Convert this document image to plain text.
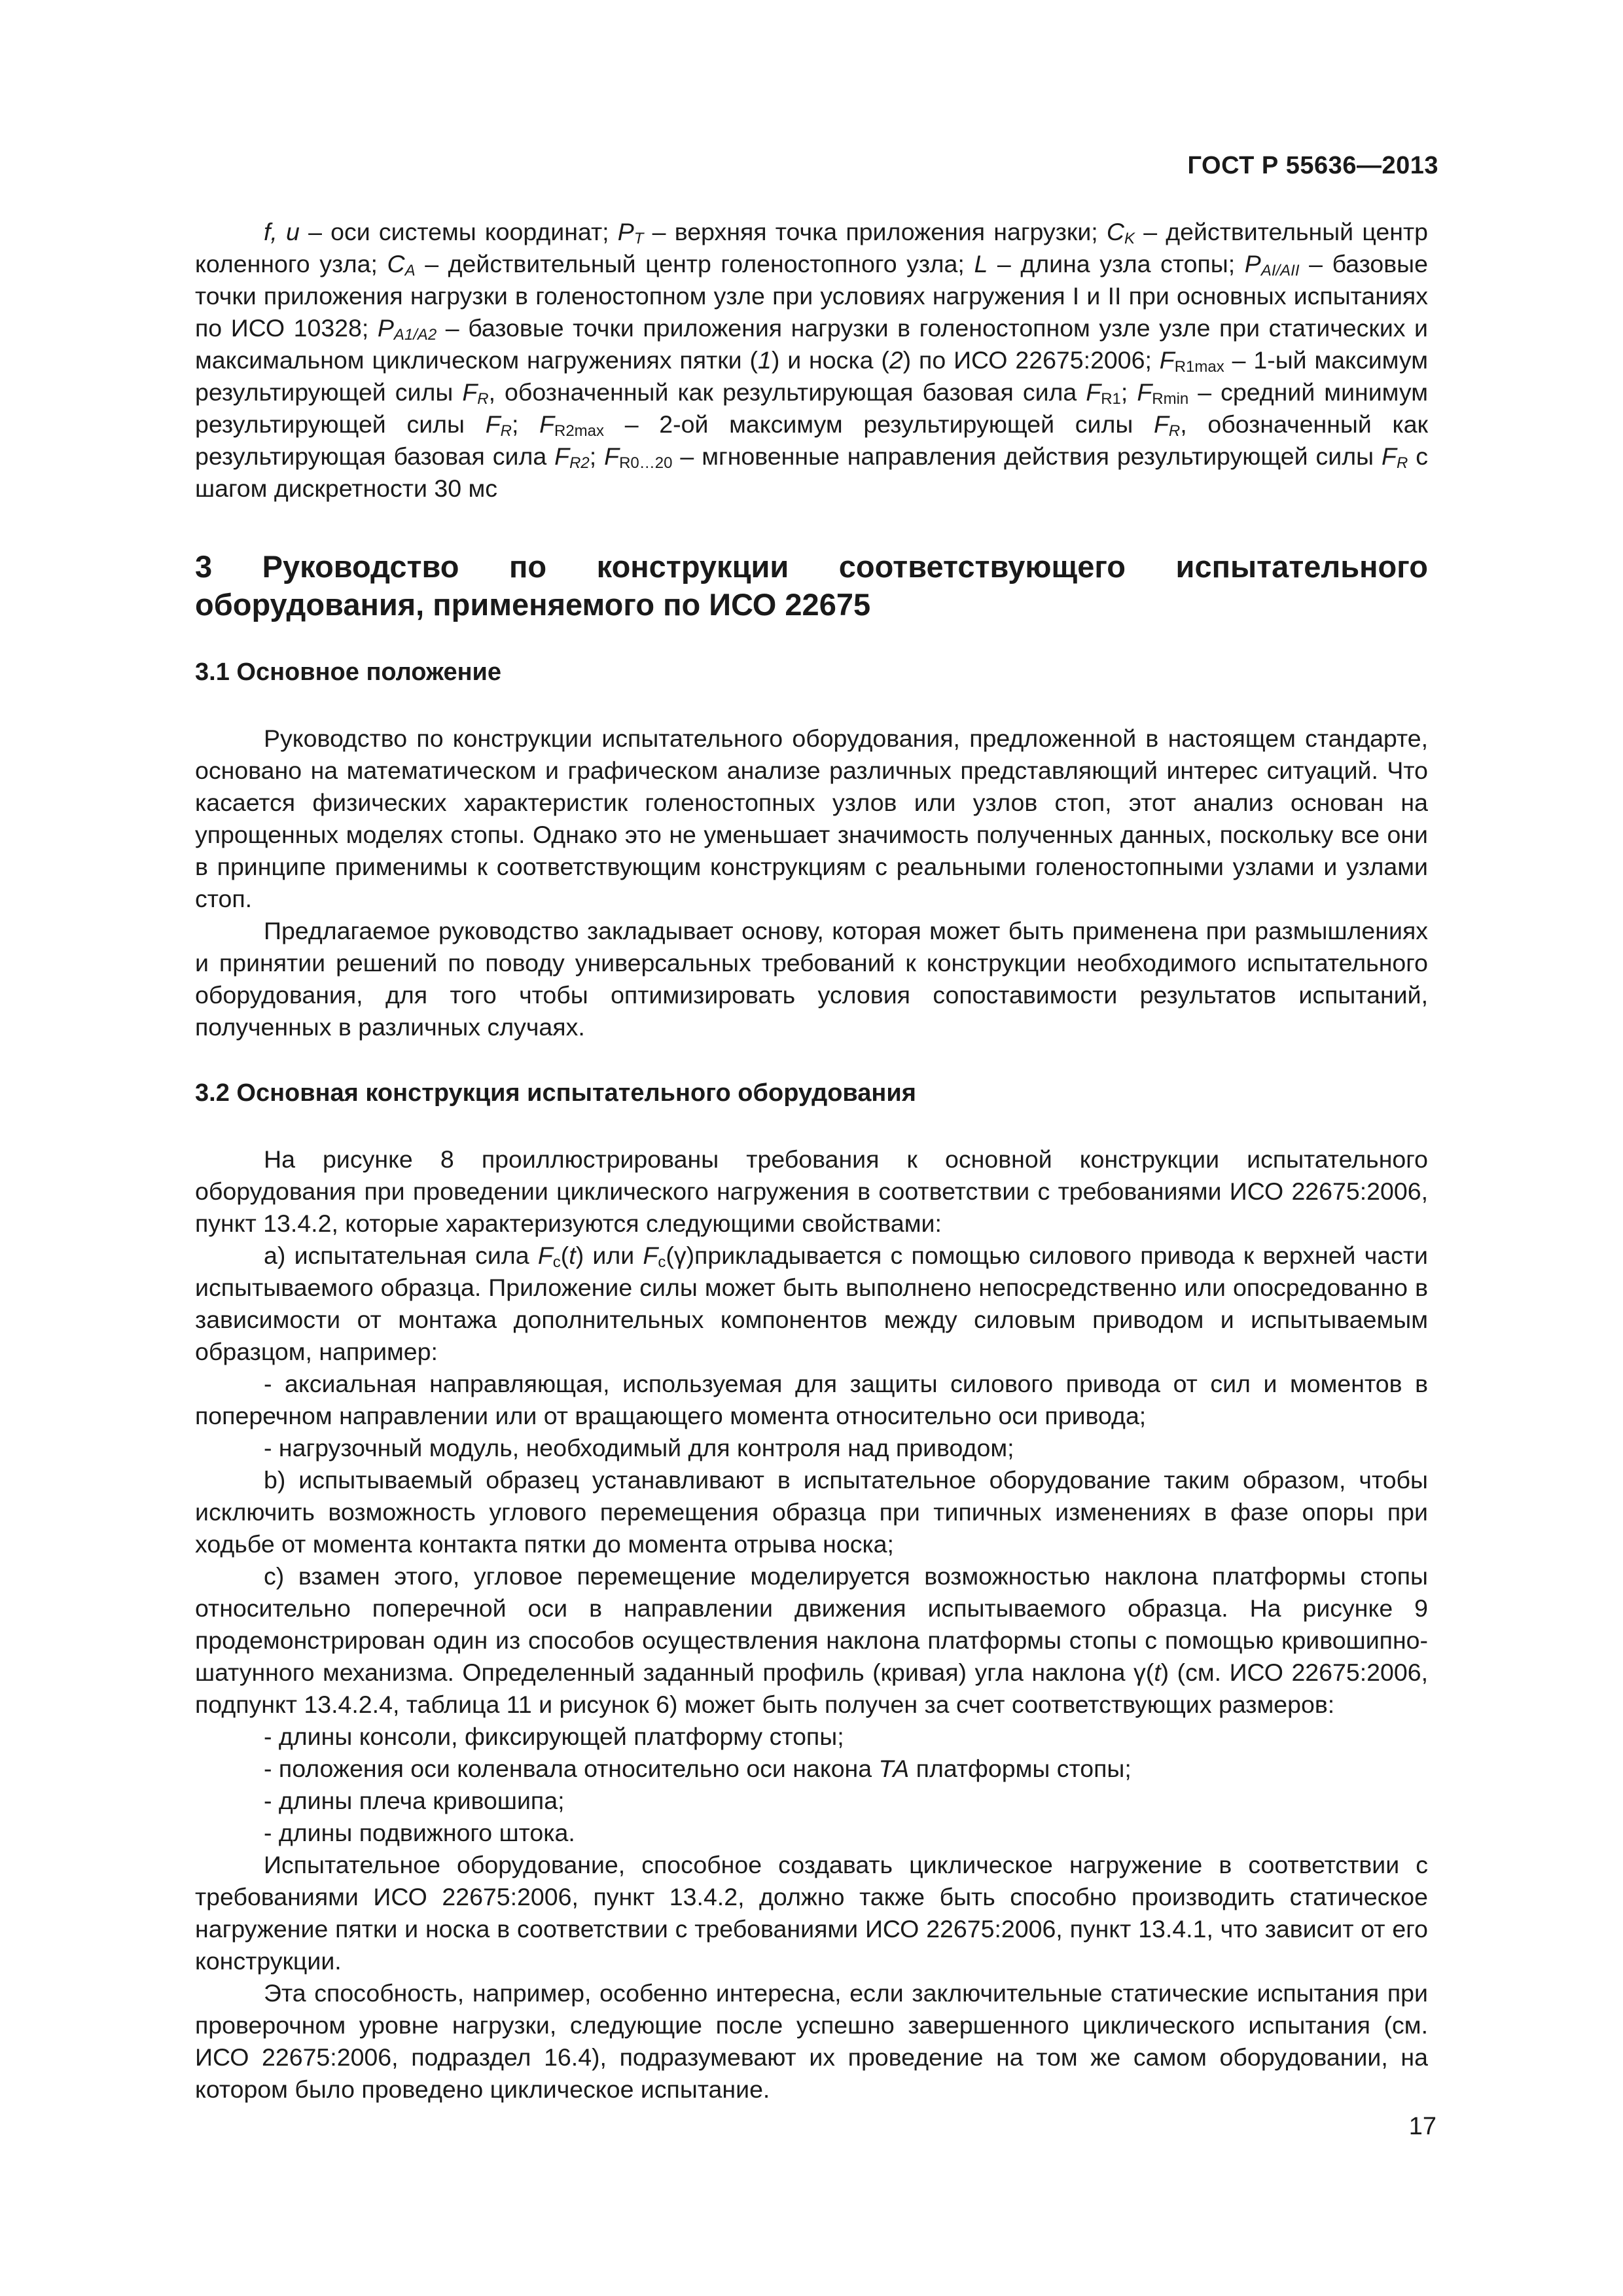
ГОСТ Р 55636—2013

f, u – оси системы координат; $P_T$ – верхняя точка приложения нагрузки; $C_K$ – действительный центр коленного узла; $C_A$ – действительный центр голеностопного узла; L – длина узла стопы; $P_{AI/AII}$ – базовые точки приложения нагрузки в голеностопном узле при условиях нагружения I и II при основных испытаниях по ИСО 10328; $P_{A1/A2}$ – базовые точки приложения нагрузки в голеностопном узле узле при статических и максимальном циклическом нагружениях пятки (1) и носка (2) по ИСО 22675:2006; $F_{R1max} - 1-ый$ максимум результирующей силы $F_R$, обозначенный как результирующая базовая сила $F_{R1}$; $F_{Rmin}$ – средний минимум результирующей силы $F_R$; $F_{R2max} - 2-ой$ максимум результирующей силы $F_R$, обозначенный как результирующая базовая сила $F_{R2}$; $F_{R0\dots 20}$ – мгновенные направления действия результирующей силы $F_R$ с шагом дискретности 30 мс

3 Руководство по конструкции соответствующего испытательного
оборудования, применяемого по ИСО 22675

3.1 Основное положение

Руководство по конструкции испытательного оборудования, предложенной в настоящем стандарте, основано на математическом и графическом анализе различных представляющий интерес ситуаций. Что касается физических характеристик голеностопных узлов или узлов стоп, этот анализ основан на упрощенных моделях стопы. Однако это не уменьшает значимость полученных данных, поскольку все они в принципе применимы к соответствующим конструкциям с реальными голеностопными узлами и узлами стоп.

Предлагаемое руководство закладывает основу, которая может быть применена при размышлениях и принятии решений по поводу универсальных требований к конструкции необходимого испытательного оборудования, для того чтобы оптимизировать условия сопоставимости результатов испытаний, полученных в различных случаях.

3.2 Основная конструкция испытательного оборудования

На рисунке 8 проиллюстрированы требования к основной конструкции испытательного оборудования при проведении циклического нагружения в соответствии с требованиями ИСО 22675:2006, пункт 13.4.2, которые характеризуются следующими свойствами:

а) испытательная сила $F_c(t)$ или $F_c(\gamma)прикладывается$ с помощью силового привода к верхней части испытываемого образца. Приложение силы может быть выполнено непосредственно или опосредованно в зависимости от монтажа дополнительных компонентов между силовым приводом и испытываемым образцом, например:

- аксиальная направляющая, используемая для защиты силового привода от сил и моментов в поперечном направлении или от вращающего момента относительно оси привода;

- нагрузочный модуль, необходимый для контроля над приводом;

b) испытываемый образец устанавливают в испытательное оборудование таким образом, чтобы исключить возможность углового перемещения образца при типичных изменениях в фазе опоры при ходьбе от момента контакта пятки до момента отрыва носка;

с) взамен этого, угловое перемещение моделируется возможностью наклона платформы стопы относительно поперечной оси в направлении движения испытываемого образца. На рисунке 9 продемонстрирован один из способов осуществления наклона платформы стопы с помощью кривошипно-шатунного механизма. Определенный заданный профиль (кривая) угла наклона γ(t) (см. ИСО 22675:2006, подпункт 13.4.2.4, таблица 11 и рисунок 6) может быть получен за счет соответствующих размеров:

- длины консоли, фиксирующей платформу стопы;

- положения оси коленвала относительно оси накона ТА платформы стопы;

- длины плеча кривошипа;

- длины подвижного штока.

Испытательное оборудование, способное создавать циклическое нагружение в соответствии с требованиями ИСО 22675:2006, пункт 13.4.2, должно также быть способно производить статическое нагружение пятки и носка в соответствии с требованиями ИСО 22675:2006, пункт 13.4.1, что зависит от его конструкции.

Эта способность, например, особенно интересна, если заключительные статические испытания при проверочном уровне нагрузки, следующие после успешно завершенного циклического испытания (см. ИСО 22675:2006, подраздел 16.4), подразумевают их проведение на том же самом оборудовании, на котором было проведено циклическое испытание.

17
